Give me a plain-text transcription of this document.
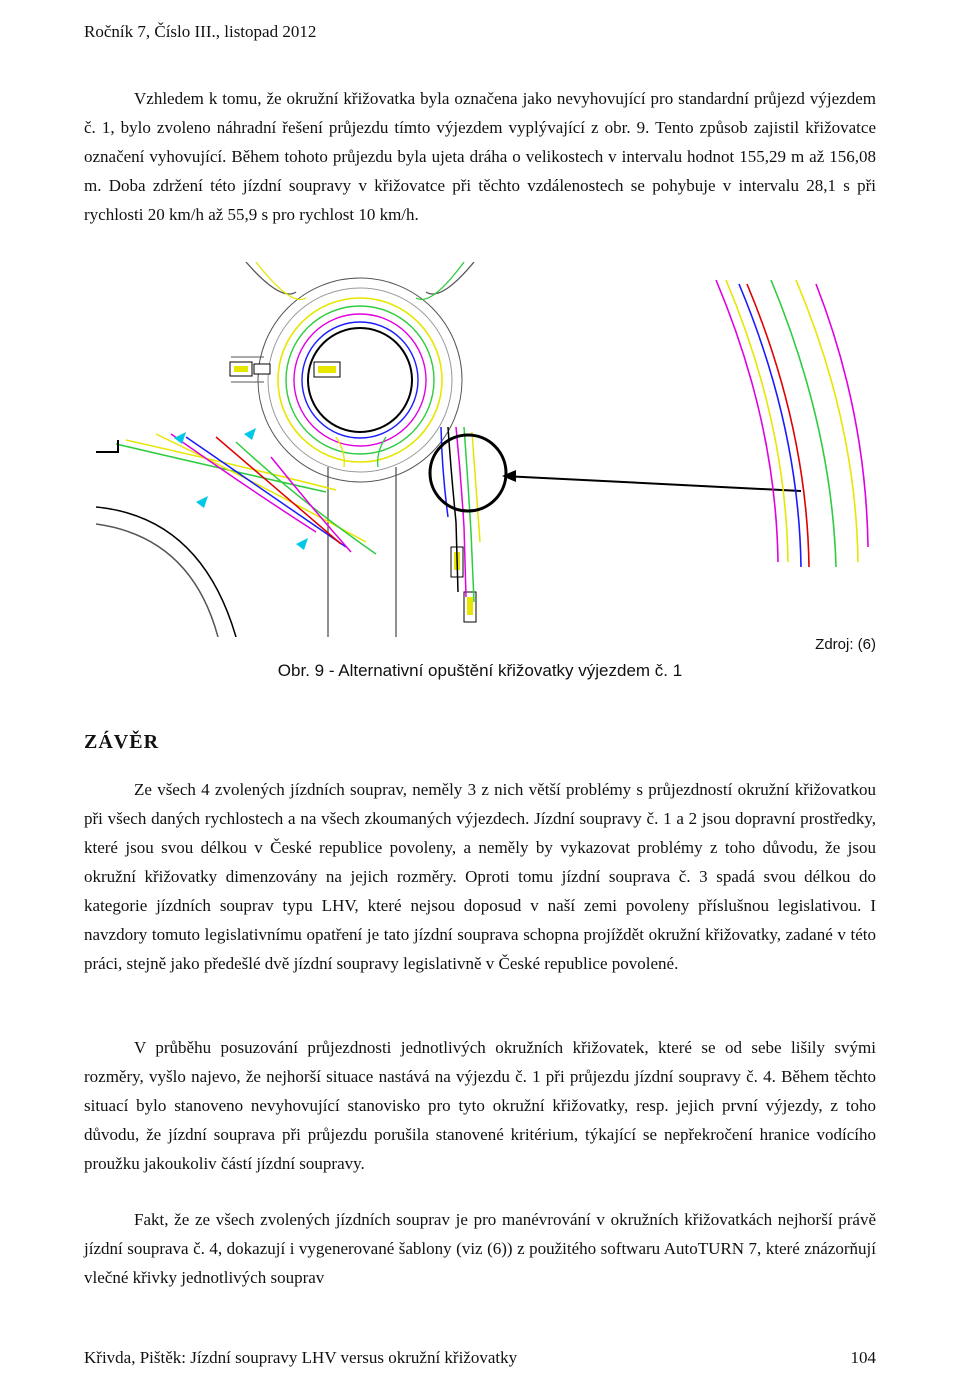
Ročník 7, Číslo III., listopad 2012

Vzhledem k tomu, že okružní křižovatka byla označena jako nevyhovující pro standardní průjezd výjezdem č. 1, bylo zvoleno náhradní řešení průjezdu tímto výjezdem vyplývající z obr. 9. Tento způsob zajistil křižovatce označení vyhovující. Během tohoto průjezdu byla ujeta dráha o velikostech v intervalu hodnot 155,29 m až 156,08 m. Doba zdržení této jízdní soupravy v křižovatce při těchto vzdálenostech se pohybuje v intervalu 28,1 s při rychlosti 20 km/h až 55,9 s pro rychlost 10 km/h.

Zdroj: (6)
Obr. 9 - Alternativní opuštění křižovatky výjezdem č. 1
ZÁVĚR

Ze všech 4 zvolených jízdních souprav, neměly 3 z nich větší problémy s průjezdností okružní křižovatkou při všech daných rychlostech a na všech zkoumaných výjezdech. Jízdní soupravy č. 1 a 2 jsou dopravní prostředky, které jsou svou délkou v České republice povoleny, a neměly by vykazovat problémy z toho důvodu, že jsou okružní křižovatky dimenzovány na jejich rozměry. Oproti tomu jízdní souprava č. 3 spadá svou délkou do kategorie jízdních souprav typu LHV, které nejsou doposud v naší zemi povoleny příslušnou legislativou. I navzdory tomuto legislativnímu opatření je tato jízdní souprava schopna projíždět okružní křižovatky, zadané v této práci, stejně jako předešlé dvě jízdní soupravy legislativně v České republice povolené.

V průběhu posuzování průjezdnosti jednotlivých okružních křižovatek, které se od sebe lišily svými rozměry, vyšlo najevo, že nejhorší situace nastává na výjezdu č. 1 při průjezdu jízdní soupravy č. 4. Během těchto situací bylo stanoveno nevyhovující stanovisko pro tyto okružní křižovatky, resp. jejich první výjezdy, z toho důvodu, že jízdní souprava při průjezdu porušila stanovené kritérium, týkající se nepřekročení hranice vodícího proužku jakoukoliv částí jízdní soupravy.

Fakt, že ze všech zvolených jízdních souprav je pro manévrování v okružních křižovatkách nejhorší právě jízdní souprava č. 4, dokazují i vygenerované šablony (viz (6)) z použitého softwaru AutoTURN 7, které znázorňují vlečné křivky jednotlivých souprav

Křivda, Pištěk: Jízdní soupravy LHV versus okružní křižovatky	104
